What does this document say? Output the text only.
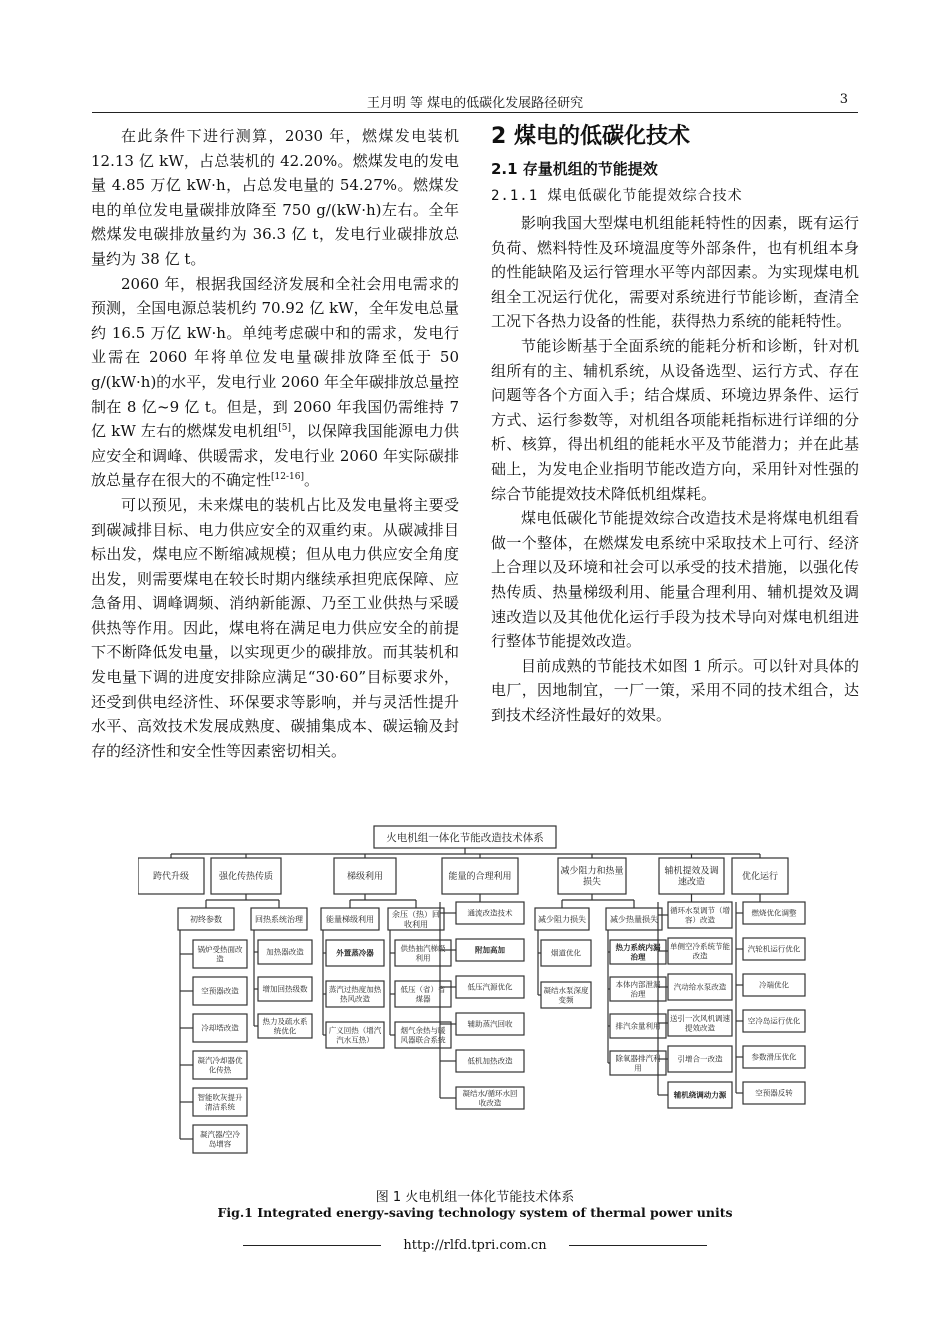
王月明 等 煤电的低碳化发展路径研究	3

在此条件下进行测算，2030 年，燃煤发电装机 12.13 亿 kW，占总装机的 42.20%。燃煤发电的发电量 4.85 万亿 kW·h，占总发电量的 54.27%。燃煤发电的单位发电量碳排放降至 750 g/(kW·h)左右。全年燃煤发电碳排放量约为 36.3 亿 t，发电行业碳排放总量约为 38 亿 t。

2060 年，根据我国经济发展和全社会用电需求的预测，全国电源总装机约 70.92 亿 kW，全年发电总量约 16.5 万亿 kW·h。单纯考虑碳中和的需求，发电行业需在 2060 年将单位发电量碳排放降至低于 50 g/(kW·h)的水平，发电行业 2060 年全年碳排放总量控制在 8 亿~9 亿 t。但是，到 2060 年我国仍需维持 7 亿 kW 左右的燃煤发电机组[5]，以保障我国能源电力供应安全和调峰、供暖需求，发电行业 2060 年实际碳排放总量存在很大的不确定性[12-16]。

可以预见，未来煤电的装机占比及发电量将主要受到碳减排目标、电力供应安全的双重约束。从碳减排目标出发，煤电应不断缩减规模；但从电力供应安全角度出发，则需要煤电在较长时期内继续承担兜底保障、应急备用、调峰调频、消纳新能源、乃至工业供热与采暖供热等作用。因此，煤电将在满足电力供应安全的前提下不断降低发电量，以实现更少的碳排放。而其装机和发电量下调的进度安排除应满足“30·60”目标要求外，还受到供电经济性、环保要求等影响，并与灵活性提升水平、高效技术发展成熟度、碳捕集成本、碳运输及封存的经济性和安全性等因素密切相关。

2 煤电的低碳化技术
2.1 存量机组的节能提效
2.1.1 煤电低碳化节能提效综合技术

影响我国大型煤电机组能耗特性的因素，既有运行负荷、燃料特性及环境温度等外部条件，也有机组本身的性能缺陷及运行管理水平等内部因素。为实现煤电机组全工况运行优化，需要对系统进行节能诊断，查清全工况下各热力设备的性能，获得热力系统的能耗特性。

节能诊断基于全面系统的能耗分析和诊断，针对机组所有的主、辅机系统，从设备选型、运行方式、存在问题等各个方面入手；结合煤质、环境边界条件、运行方式、运行参数等，对机组各项能耗指标进行详细的分析、核算，得出机组的能耗水平及节能潜力；并在此基础上，为发电企业指明节能改造方向，采用针对性强的综合节能提效技术降低机组煤耗。

煤电低碳化节能提效综合改造技术是将煤电机组看做一个整体，在燃煤发电系统中采取技术上可行、经济上合理以及环境和社会可以承受的技术措施，以强化传热传质、热量梯级利用、能量合理利用、辅机提效及调速改造以及其他优化运行手段为技术导向对煤电机组进行整体节能提效改造。

目前成熟的节能技术如图 1 所示。可以针对具体的电厂，因地制宜，一厂一策，采用不同的技术组合，达到技术经济性最好的效果。

火电机组一体化节能改造技术体系
跨代升级	强化传热传质	梯级利用	能量的合理利用
减少阻力和热量
损失
辅机提效及调
速改造
优化运行
初终参数	回热系统治理
锅炉受热面改
造
空预器改造
冷却塔改造
凝汽冷却器优
化传热
智能吹灰提升
清洁系统
凝汽器/空冷
岛增容
加热器改造
增加回热级数
热力及疏水系
统优化
能量梯级利用
余压（热）回
收利用
外置蒸冷器
蒸汽过热度加热
热风改造
广义回热（增汽
汽水互热）
供热抽汽梯级
利用
低压（省）省
煤器
烟气余热与暖
风器联合系统
通流改造技术
附加高加
低压汽源优化
辅助蒸汽回收
低机加热改造
凝结水/循环水回
收改造
减少阻力损失	减少热量损失
烟道优化
凝结水泵深度
变频
热力系统内漏
治理
本体内部泄漏
治理
排汽余量利用
除氧器排汽利
用
循环水泵调节（增
容）改造
单侧空冷系统节能
改造
汽动给水泵改造
送引一次风机调速
提效改造
引增合一改造
辅机绕调动力源
燃烧优化调整
汽轮机运行优化
冷端优化
空冷岛运行优化
参数滑压优化
空预器反转
图 1 火电机组一体化节能技术体系
Fig.1 Integrated energy-saving technology system of thermal power units
http://rlfd.tpri.com.cn
